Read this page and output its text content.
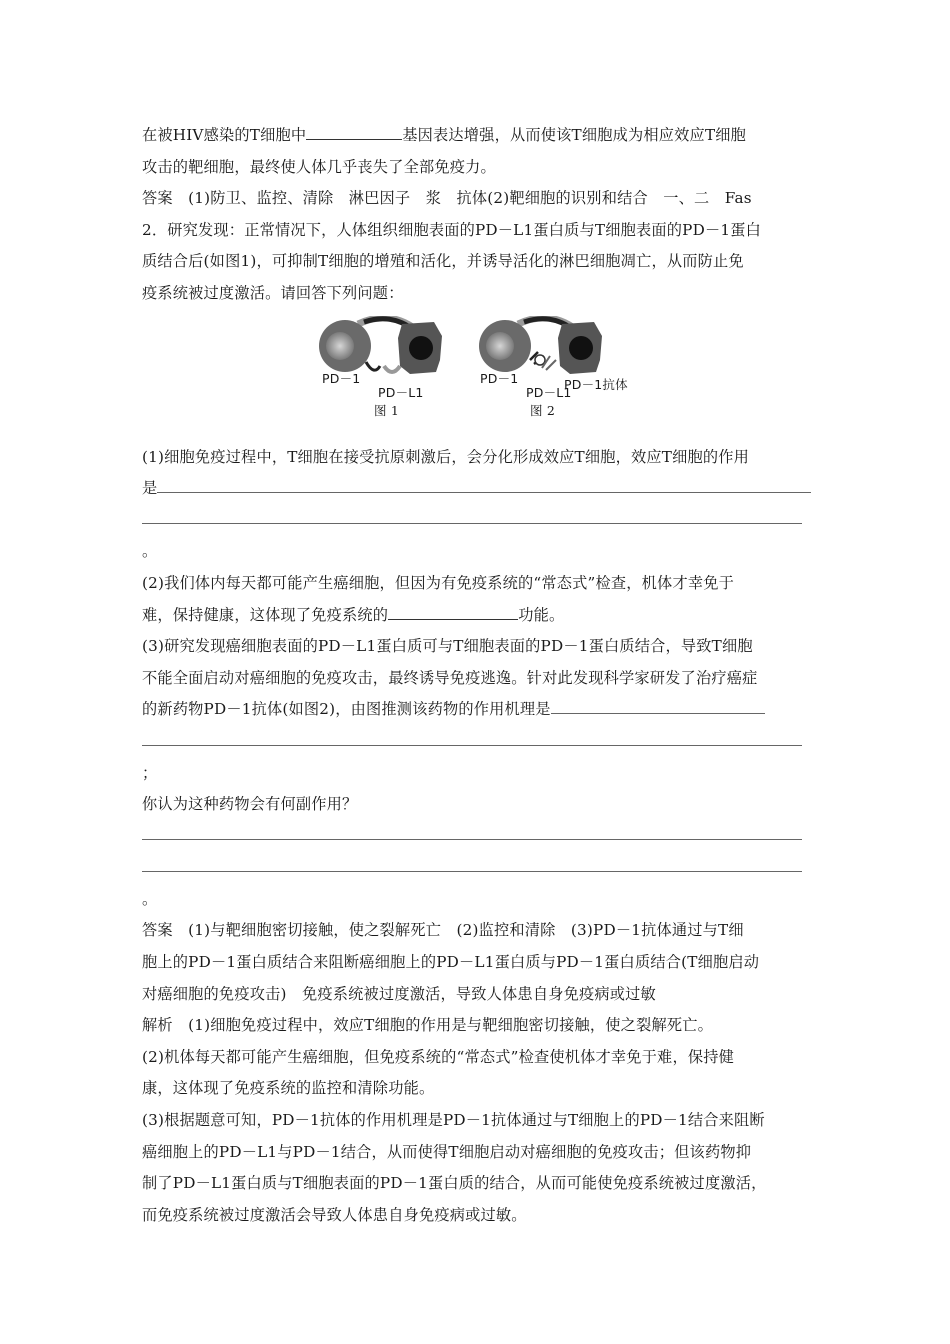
在被HIV感染的T细胞中	基因表达增强，从而使该T细胞成为相应效应T细胞
攻击的靶细胞，最终使人体几乎丧失了全部免疫力。
答案　(1)防卫、监控、清除　淋巴因子　浆　抗体(2)靶细胞的识别和结合　一、二　Fas
2．研究发现：正常情况下，人体组织细胞表面的PD－L1蛋白质与T细胞表面的PD－1蛋白
质结合后(如图1)，可抑制T细胞的增殖和活化，并诱导活化的淋巴细胞凋亡，从而防止免
疫系统被过度激活。请回答下列问题：
PD－1
PD－L1
图 1
PD－1
PD－L1
PD－1抗体
图 2
(1)细胞免疫过程中，T细胞在接受抗原刺激后，会分化形成效应T细胞，效应T细胞的作用
是
。
(2)我们体内每天都可能产生癌细胞，但因为有免疫系统的“常态式”检查，机体才幸免于
难，保持健康，这体现了免疫系统的	功能。
(3)研究发现癌细胞表面的PD－L1蛋白质可与T细胞表面的PD－1蛋白质结合，导致T细胞
不能全面启动对癌细胞的免疫攻击，最终诱导免疫逃逸。针对此发现科学家研发了治疗癌症
的新药物PD－1抗体(如图2)，由图推测该药物的作用机理是
；
你认为这种药物会有何副作用？
。
答案　(1)与靶细胞密切接触，使之裂解死亡　(2)监控和清除　(3)PD－1抗体通过与T细
胞上的PD－1蛋白质结合来阻断癌细胞上的PD－L1蛋白质与PD－1蛋白质结合(T细胞启动
对癌细胞的免疫攻击)　免疫系统被过度激活，导致人体患自身免疫病或过敏
解析　(1)细胞免疫过程中，效应T细胞的作用是与靶细胞密切接触，使之裂解死亡。
(2)机体每天都可能产生癌细胞，但免疫系统的“常态式”检查使机体才幸免于难，保持健
康，这体现了免疫系统的监控和清除功能。
(3)根据题意可知，PD－1抗体的作用机理是PD－1抗体通过与T细胞上的PD－1结合来阻断
癌细胞上的PD－L1与PD－1结合，从而使得T细胞启动对癌细胞的免疫攻击；但该药物抑
制了PD－L1蛋白质与T细胞表面的PD－1蛋白质的结合，从而可能使免疫系统被过度激活，
而免疫系统被过度激活会导致人体患自身免疫病或过敏。
